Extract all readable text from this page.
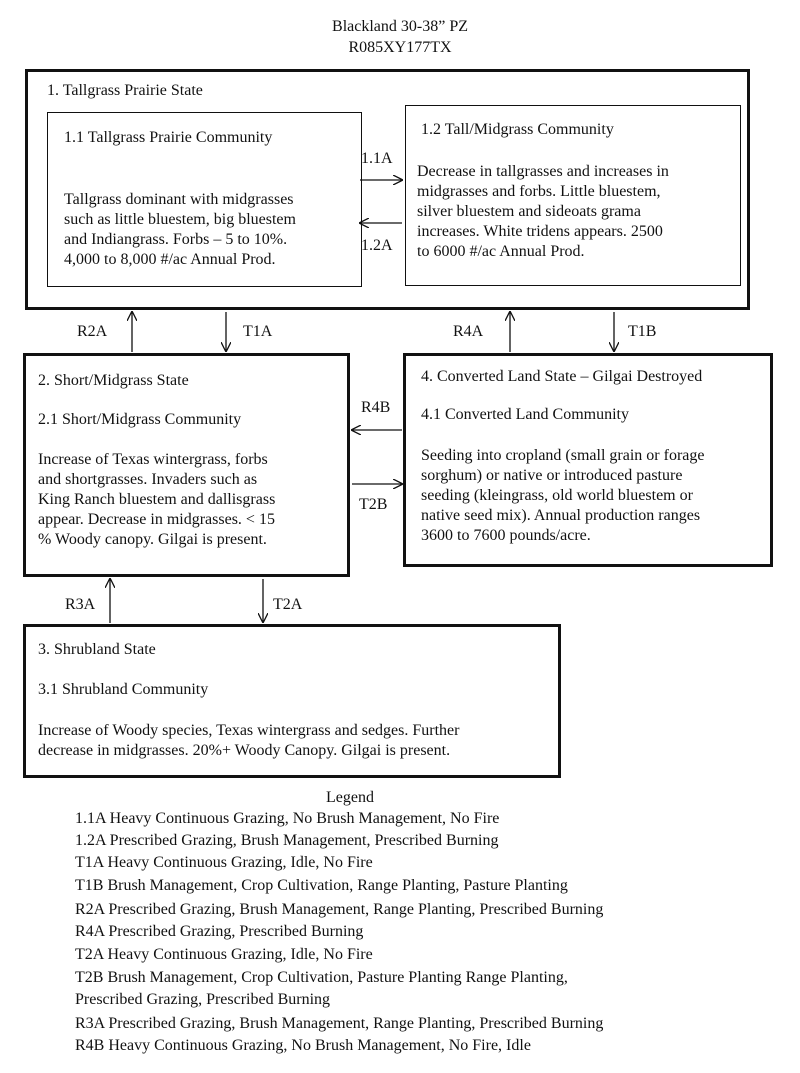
Blackland 30-38” PZ
R085XY177TX
1. Tallgrass Prairie State
1.1 Tallgrass Prairie Community
Tallgrass dominant with midgrasses
such as little bluestem, big bluestem
and Indiangrass. Forbs – 5 to 10%.
4,000 to 8,000 #/ac Annual Prod.
1.2 Tall/Midgrass Community
Decrease in tallgrasses and increases in
midgrasses and forbs. Little bluestem,
silver bluestem and sideoats grama
increases. White tridens appears. 2500
to 6000 #/ac Annual Prod.
2. Short/Midgrass State
2.1 Short/Midgrass Community
Increase of Texas wintergrass, forbs
and shortgrasses. Invaders such as
King Ranch bluestem and dallisgrass
appear. Decrease in midgrasses. < 15
% Woody canopy. Gilgai is present.
4. Converted Land State – Gilgai Destroyed
4.1 Converted Land Community
Seeding into cropland (small grain or forage
sorghum) or native or introduced pasture
seeding (kleingrass, old world bluestem or
native seed mix). Annual production ranges
3600 to 7600 pounds/acre.
3. Shrubland State
3.1 Shrubland Community
Increase of Woody species, Texas wintergrass and sedges. Further
decrease in midgrasses. 20%+ Woody Canopy. Gilgai is present.
1.1A
1.2A
R2A	T1A	R4A	T1B
R4B
T2B
R3A	T2A
Legend
1.1A Heavy Continuous Grazing, No Brush Management, No Fire
1.2A Prescribed Grazing, Brush Management, Prescribed Burning
T1A Heavy Continuous Grazing, Idle, No Fire
T1B Brush Management, Crop Cultivation, Range Planting, Pasture Planting
R2A Prescribed Grazing, Brush Management, Range Planting, Prescribed Burning
R4A Prescribed Grazing, Prescribed Burning
T2A Heavy Continuous Grazing, Idle, No Fire
T2B Brush Management, Crop Cultivation, Pasture Planting Range Planting,
Prescribed Grazing, Prescribed Burning
R3A Prescribed Grazing, Brush Management, Range Planting, Prescribed Burning
R4B Heavy Continuous Grazing, No Brush Management, No Fire, Idle
